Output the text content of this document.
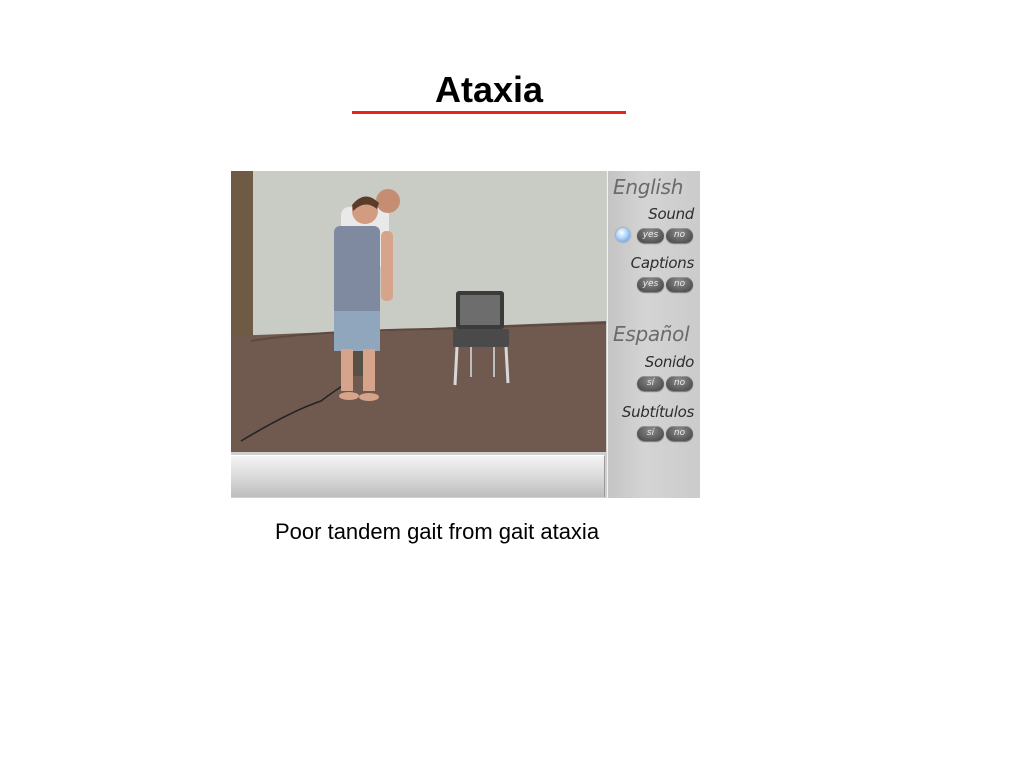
Ataxia
English
Sound
yes	no
Captions
yes	no
Español
Sonido
sí	no
Subtítulos
sí	no
Poor tandem gait from gait ataxia
